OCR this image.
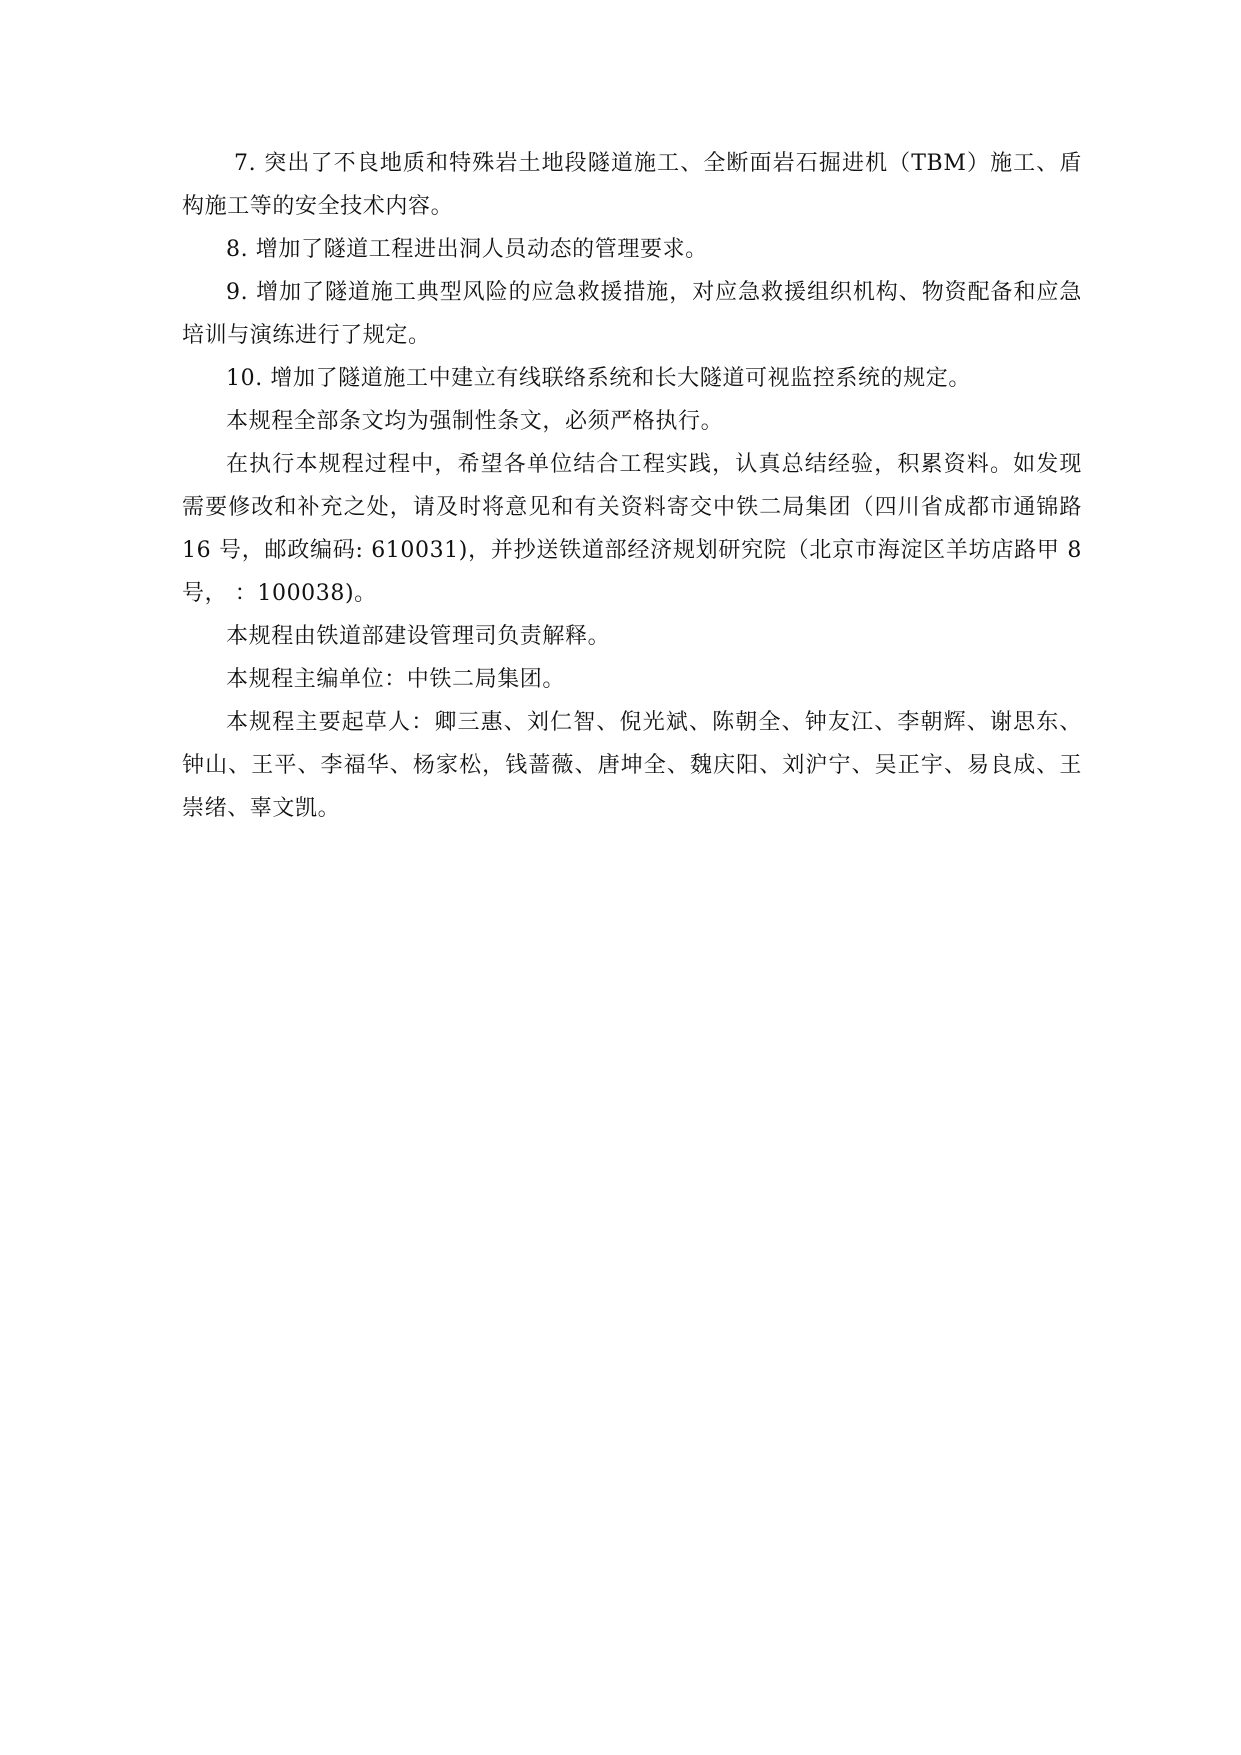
7. 突出了不良地质和特殊岩土地段隧道施工、全断面岩石掘进机（TBM）施工、盾构施工等的安全技术内容。

8. 增加了隧道工程进出洞人员动态的管理要求。

9. 增加了隧道施工典型风险的应急救援措施，对应急救援组织机构、物资配备和应急培训与演练进行了规定。

10. 增加了隧道施工中建立有线联络系统和长大隧道可视监控系统的规定。

本规程全部条文均为强制性条文，必须严格执行。

在执行本规程过程中，希望各单位结合工程实践，认真总结经验，积累资料。如发现需要修改和补充之处，请及时将意见和有关资料寄交中铁二局集团（四川省成都市通锦路 16 号，邮政编码: 610031)，并抄送铁道部经济规划研究院（北京市海淀区羊坊店路甲 8 号， ：100038)。

本规程由铁道部建设管理司负责解释。

本规程主编单位：中铁二局集团。

本规程主要起草人：卿三惠、刘仁智、倪光斌、陈朝全、钟友江、李朝辉、谢思东、钟山、王平、李福华、杨家松，钱蔷薇、唐坤全、魏庆阳、刘沪宁、吴正宇、易良成、王崇绪、辜文凯。
